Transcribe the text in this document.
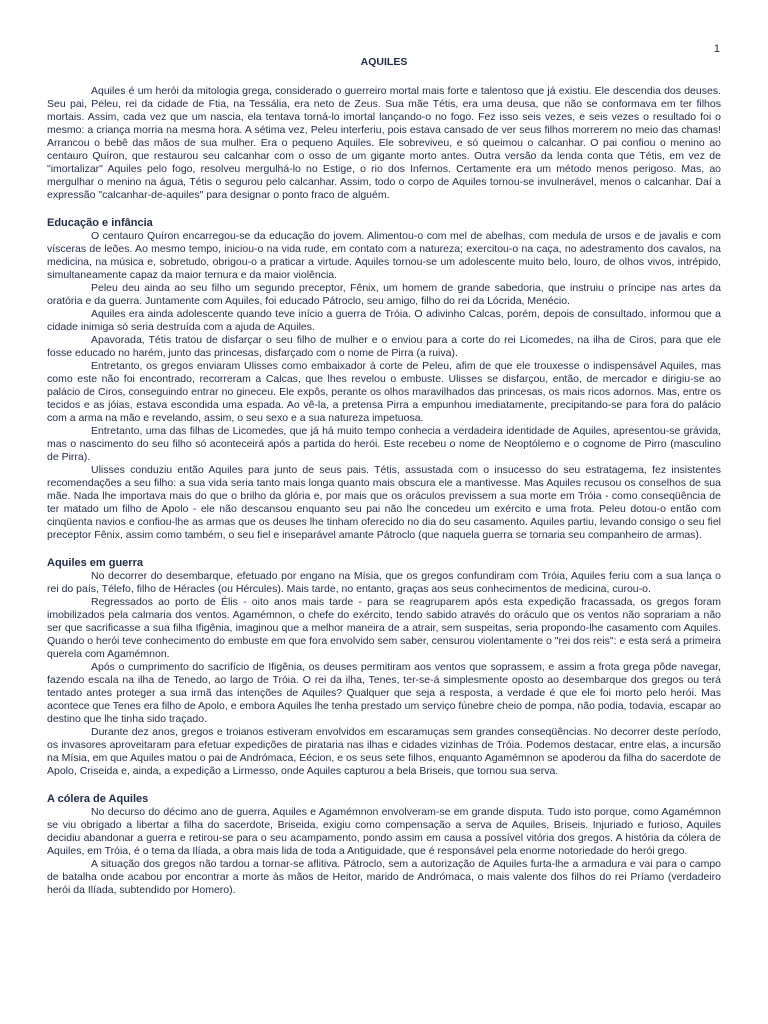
1
AQUILES

Aquiles é um herói da mitologia grega, considerado o guerreiro mortal mais forte e talentoso que já existiu. Ele descendia dos deuses. Seu pai, Peleu, rei da cidade de Ftia, na Tessália, era neto de Zeus. Sua mãe Tétis, era uma deusa, que não se conformava em ter filhos mortais. Assim, cada vez que um nascia, ela tentava torná-lo imortal lançando-o no fogo. Fez isso seis vezes, e seis vezes o resultado foi o mesmo: a criança morria na mesma hora. A sétima vez, Peleu interferiu, pois estava cansado de ver seus filhos morrerem no meio das chamas! Arrancou o bebê das mãos de sua mulher. Era o pequeno Aquiles. Ele sobreviveu, e só queimou o calcanhar. O pai confiou o menino ao centauro Quíron, que restaurou seu calcanhar com o osso de um gigante morto antes. Outra versão da lenda conta que Tétis, em vez de "imortalizar" Aquiles pelo fogo, resolveu mergulhá-lo no Estige, o rio dos Infernos. Certamente era um método menos perigoso. Mas, ao mergulhar o menino na água, Tétis o segurou pelo calcanhar. Assim, todo o corpo de Aquiles tornou-se invulnerável, menos o calcanhar. Daí a expressão "calcanhar-de-aquiles" para designar o ponto fraco de alguém.

Educação e infância

O centauro Quíron encarregou-se da educação do jovem. Alimentou-o com mel de abelhas, com medula de ursos e de javalis e com vísceras de leões. Ao mesmo tempo, iniciou-o na vida rude, em contato com a natureza; exercitou-o na caça, no adestramento dos cavalos, na medicina, na música e, sobretudo, obrigou-o a praticar a virtude. Aquiles tornou-se um adolescente muito belo, louro, de olhos vivos, intrépido, simultaneamente capaz da maior ternura e da maior violência.

Peleu deu ainda ao seu filho um segundo preceptor, Fênix, um homem de grande sabedoria, que instruiu o príncipe nas artes da oratória e da guerra. Juntamente com Aquiles, foi educado Pátroclo, seu amigo, filho do rei da Lócrida, Menécio.

Aquiles era ainda adolescente quando teve início a guerra de Tróia. O adivinho Calcas, porém, depois de consultado, informou que a cidade inimiga só seria destruída com a ajuda de Aquiles.

Apavorada, Tétis tratou de disfarçar o seu filho de mulher e o enviou para a corte do rei Licomedes, na ilha de Ciros, para que ele fosse educado no harém, junto das princesas, disfarçado com o nome de Pirra (a ruiva).

Entretanto, os gregos enviaram Ulisses como embaixador à corte de Peleu, afim de que ele trouxesse o indispensável Aquiles, mas como este não foi encontrado, recorreram a Calcas, que lhes revelou o embuste. Ulisses se disfarçou, então, de mercador e dirigiu-se ao palácio de Ciros, conseguindo entrar no gineceu. Ele expôs, perante os olhos maravilhados das princesas, os mais ricos adornos. Mas, entre os tecidos e as jóias, estava escondida uma espada. Ao vê-la, a pretensa Pirra a empunhou imediatamente, precipitando-se para fora do palácio com a arma na mão e revelando, assim, o seu sexo e a sua natureza impetuosa.

Entretanto, uma das filhas de Licomedes, que já há muito tempo conhecia a verdadeira identidade de Aquiles, apresentou-se grávida, mas o nascimento do seu filho só aconteceirá após a partida do herói. Este recebeu o nome de Neoptólemo e o cognome de Pirro (masculino de Pirra).

Ulisses conduziu então Aquiles para junto de seus pais. Tétis, assustada com o insucesso do seu estratagema, fez insistentes recomendações a seu filho: a sua vida seria tanto mais longa quanto mais obscura ele a mantivesse. Mas Aquiles recusou os conselhos de sua mãe. Nada lhe importava mais do que o brilho da glória e, por mais que os oráculos previssem a sua morte em Tróia - como conseqüência de ter matado um filho de Apolo - ele não descansou enquanto seu pai não lhe concedeu um exército e uma frota. Peleu dotou-o então com cinqüenta navios e confiou-lhe as armas que os deuses lhe tinham oferecido no dia do seu casamento. Aquiles partiu, levando consigo o seu fiel preceptor Fênix, assim como também, o seu fiel e inseparável amante Pátroclo (que naquela guerra se tornaria seu companheiro de armas).

Aquiles em guerra

No decorrer do desembarque, efetuado por engano na Mísia, que os gregos confundiram com Tróia, Aquiles feriu com a sua lança o rei do país, Télefo, filho de Héracles (ou Hércules). Mais tarde, no entanto, graças aos seus conhecimentos de medicina, curou-o.

Regressados ao porto de Élis - oito anos mais tarde - para se reagruparem após esta expedição fracassada, os gregos foram imobilizados pela calmaria dos ventos. Agamémnon, o chefe do exército, tendo sabido através do oráculo que os ventos não soprariam a não ser que sacrificasse a sua filha Ifigênia, imaginou que a melhor maneira de a atrair, sem suspeitas, seria propondo-lhe casamento com Aquiles. Quando o herói teve conhecimento do embuste em que fora envolvido sem saber, censurou violentamente o "rei dos reis": e esta será a primeira querela com Agamémnon.

Após o cumprimento do sacrifício de Ifigênia, os deuses permitiram aos ventos que soprassem, e assim a frota grega pôde navegar, fazendo escala na ilha de Tenedo, ao largo de Tróia. O rei da ilha, Tenes, ter-se-á simplesmente oposto ao desembarque dos gregos ou terá tentado antes proteger a sua irmã das intenções de Aquiles? Qualquer que seja a resposta, a verdade é que ele foi morto pelo herói. Mas acontece que Tenes era filho de Apolo, e embora Aquiles lhe tenha prestado um serviço fúnebre cheio de pompa, não podia, todavia, escapar ao destino que lhe tinha sido traçado.

Durante dez anos, gregos e troianos estiveram envolvidos em escaramuças sem grandes conseqüências. No decorrer deste período, os invasores aproveitaram para efetuar expedições de pirataria nas ilhas e cidades vizinhas de Tróia. Podemos destacar, entre elas, a incursão na Mísia, em que Aquiles matou o pai de Andrómaca, Eécion, e os seus sete filhos, enquanto Agamémnon se apoderou da filha do sacerdote de Apolo, Criseida e, ainda, a expedição a Lirmesso, onde Aquiles capturou a bela Briseis, que tornou sua serva.

A cólera de Aquiles

No decurso do décimo ano de guerra, Aquiles e Agamémnon envolveram-se em grande disputa. Tudo isto porque, como Agamémnon se viu obrigado a libertar a filha do sacerdote, Briseida, exigiu como compensação a serva de Aquiles, Briseis. Injuriado e furioso, Aquiles decidiu abandonar a guerra e retirou-se para o seu acampamento, pondo assim em causa a possível vitória dos gregos. A história da cólera de Aquiles, em Tróia, é o tema da Ilíada, a obra mais lida de toda a Antiguidade, que é responsável pela enorme notoriedade do herói grego.

A situação dos gregos não tardou a tornar-se aflitiva. Pátroclo, sem a autorização de Aquiles furta-lhe a armadura e vai para o campo de batalha onde acabou por encontrar a morte às mãos de Heitor, marido de Andrómaca, o mais valente dos filhos do rei Príamo (verdadeiro herói da Ilíada, subtendido por Homero).
